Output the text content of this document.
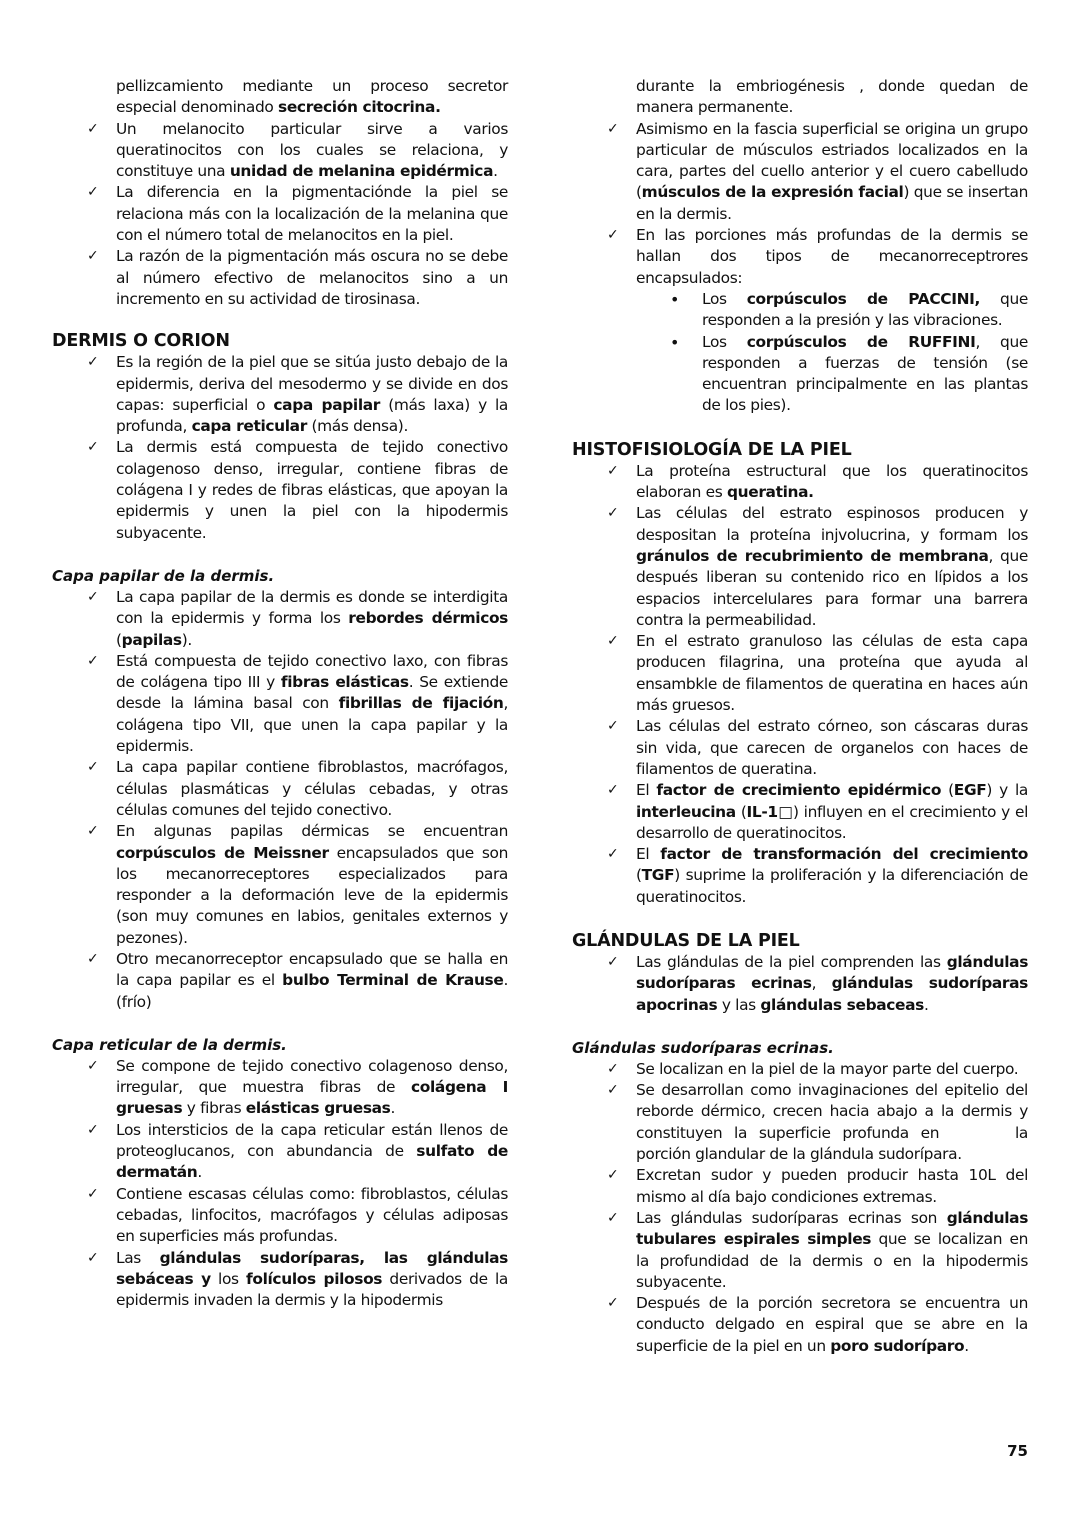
pellizcamiento mediante un proceso secretor especial denominado secreción citocrina.
✓ Un melanocito particular sirve a varios queratinocitos con los cuales se relaciona, y constituye una unidad de melanina epidérmica.
✓ La diferencia en la pigmentacióndе la piel se relaciona más con la localización de la melanina que con el número total de melanocitos en la piel.
✓ La razón de la pigmentación más oscura no se debe al número efectivo de melanocitos sino a un incremento en su actividad de tirosinasa.
DERMIS O CORION
✓ Es la región de la piel que se sitúa justo debajo de la epidermis, deriva del mesodermo y se divide en dos capas: superficial o capa papilar (más laxa) y la profunda, capa reticular (más densa).
✓ La dermis está compuesta de tejido conectivo colagenoso denso, irregular, contiene fibras de colágena I y redes de fibras elásticas, que apoyan la epidermis y unen la piel con la hipodermis subyacente.
Capa papilar de la dermis.
✓ La capa papilar de la dermis es donde se interdigita con la epidermis y forma los rebordes dérmicos (papilas).
✓ Está compuesta de tejido conectivo laxo, con fibras de colágena tipo III y fibras elásticas. Se extiende desde la lámina basal con fibrillas de fijación, colágena tipo VII, que unen la capa papilar y la epidermis.
✓ La capa papilar contiene fibroblastos, macrófagos, células plasmáticas y células cebadas, y otras células comunes del tejido conectivo.
✓ En algunas papilas dérmicas se encuentran corpúsculos de Meissner encapsulados que son los mecanorreceptores especializados para responder a la deformación leve de la epidermis (son muy comunes en labios, genitales externos y pezones).
✓ Otro mecanorreceptor encapsulado que se halla en la capa papilar es el bulbo Terminal de Krause. (frío)
Capa reticular de la dermis.
✓ Se compone de tejido conectivo colagenoso denso, irregular, que muestra fibras de colágena I gruesas y fibras elásticas gruesas.
✓ Los intersticios de la capa reticular están llenos de proteoglucanos, con abundancia de sulfato de dermatán.
✓ Contiene escasas células como: fibroblastos, células cebadas, linfocitos, macrófagos y células adiposas en superficies más profundas.
✓ Las glándulas sudoríparas, las glándulas sebáceas y los folículos pilosos derivados de la epidermis invaden la dermis y la hipodermis
durante la embriogénesis , donde quedan de manera permanente.
✓ Asimismo en la fascia superficial se origina un grupo particular de músculos estriados localizados en la cara, partes del cuello anterior y el cuero cabelludo (músculos de la expresión facial) que se insertan en la dermis.
✓ En las porciones más profundas de la dermis se hallan dos tipos de mecanorreceptrores encapsulados:
• Los corpúsculos de PACCINI, que responden a la presión y las vibraciones.
• Los corpúsculos de RUFFINI, que responden a fuerzas de tensión (se encuentran principalmente en las plantas de los pies).
HISTOFISIOLOGÍA DE LA PIEL
✓ La proteína estructural que los queratinocitos elaboran es queratina.
✓ Las células del estrato espinosos producen y despositan la proteína injvolucrina, y formam los gránulos de recubrimiento de membrana, que después liberan su contenido rico en lípidos a los espacios intercelulares para formar una barrera contra la permeabilidad.
✓ En el estrato granuloso las células de esta capa producen filagrina, una proteína que ayuda al ensambkle de filamentos de queratina en haces aún más gruesos.
✓ Las células del estrato córneo, son cáscaras duras sin vida, que carecen de organelos con haces de filamentos de queratina.
✓ El factor de crecimiento epidérmico (EGF) y la interleucina (IL-1□) influyen en el crecimiento y el desarrollo de queratinocitos.
✓ El factor de transformación del crecimiento (TGF) suprime la proliferación y la diferenciación de queratinocitos.
GLÁNDULAS DE LA PIEL
✓ Las glándulas de la piel comprenden las glándulas sudoríparas ecrinas, glándulas sudoríparas apocrinas y las glándulas sebaceas.
Glándulas sudoríparas ecrinas.
✓ Se localizan en la piel de la mayor parte del cuerpo.
✓ Se desarrollan como invaginaciones del epitelio del reborde dérmico, crecen hacia abajo a la dermis y constituyen la superficie profunda en	la porción glandular de la glándula sudorípara.
✓ Excretan sudor y pueden producir hasta 10L del mismo al día bajo condiciones extremas.
✓ Las glándulas sudoríparas ecrinas son glándulas tubulares espirales simples que se localizan en la profundidad de la dermis o en la hipodermis subyacente.
✓ Después de la porción secretora se encuentra un conducto delgado en espiral que se abre en la superficie de la piel en un poro sudoríparo.
75
